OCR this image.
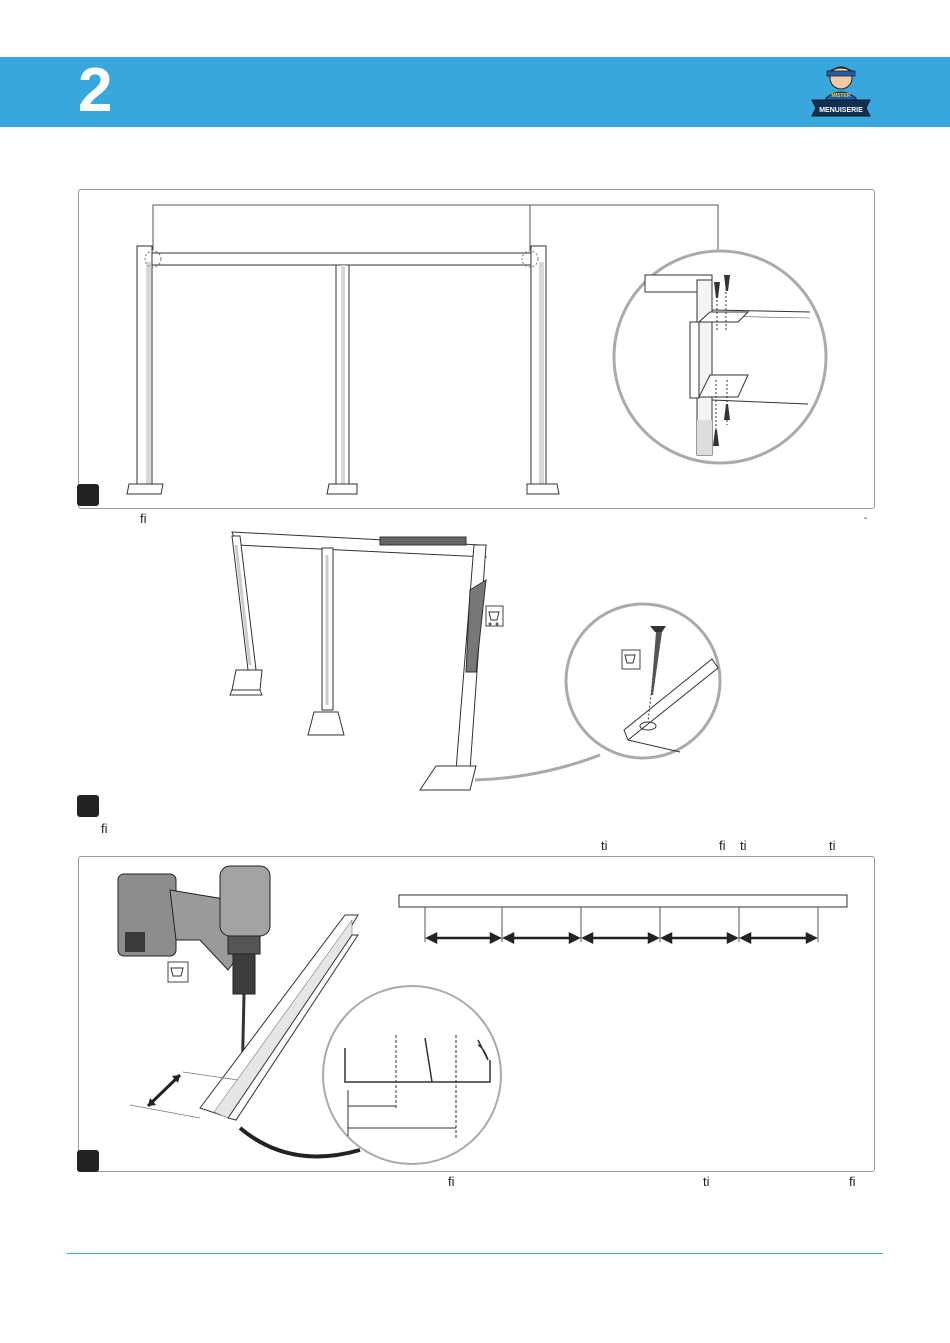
2	MISTER
MENUISERIE
fi	-
fi
ti	fi ti	ti
fi	ti	fi
